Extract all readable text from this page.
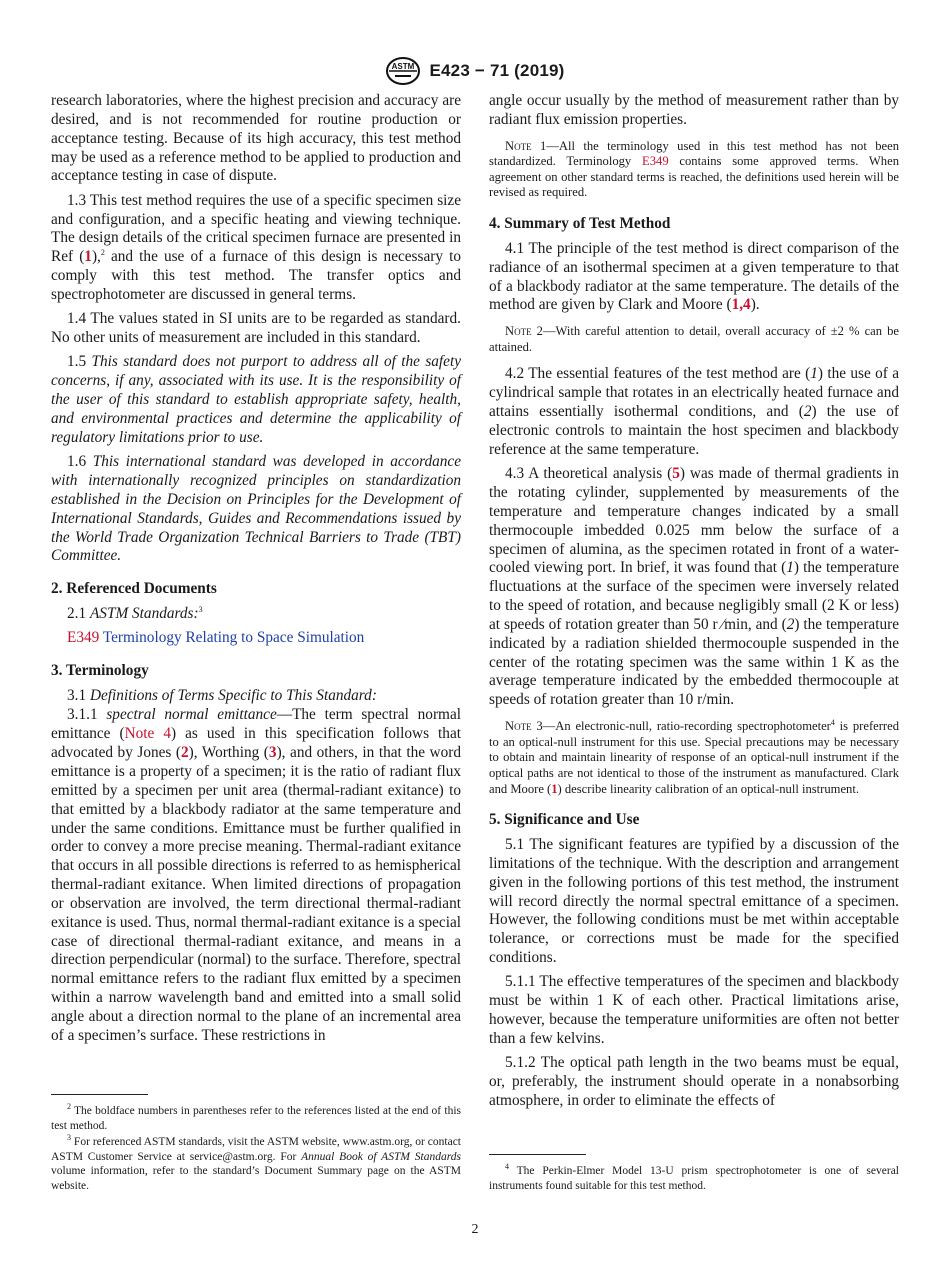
ASTM E423 − 71 (2019)

research laboratories, where the highest precision and accuracy are desired, and is not recommended for routine production or acceptance testing. Because of its high accuracy, this test method may be used as a reference method to be applied to production and acceptance testing in case of dispute.

1.3 This test method requires the use of a specific specimen size and configuration, and a specific heating and viewing technique. The design details of the critical specimen furnace are presented in Ref (1),$^2$ and the use of a furnace of this design is necessary to comply with this test method. The transfer optics and spectrophotometer are discussed in general terms.

1.4 The values stated in SI units are to be regarded as standard. No other units of measurement are included in this standard.

1.5 This standard does not purport to address all of the safety concerns, if any, associated with its use. It is the responsibility of the user of this standard to establish appropriate safety, health, and environmental practices and determine the applicability of regulatory limitations prior to use.

1.6 This international standard was developed in accordance with internationally recognized principles on standardization established in the Decision on Principles for the Development of International Standards, Guides and Recommendations issued by the World Trade Organization Technical Barriers to Trade (TBT) Committee.

2. Referenced Documents

2.1 ASTM Standards:$^3$

E349 Terminology Relating to Space Simulation

3. Terminology

3.1 Definitions of Terms Specific to This Standard:

3.1.1 spectral normal emittance—The term spectral normal emittance (Note 4) as used in this specification follows that advocated by Jones (2), Worthing (3), and others, in that the word emittance is a property of a specimen; it is the ratio of radiant flux emitted by a specimen per unit area (thermal-radiant exitance) to that emitted by a blackbody radiator at the same temperature and under the same conditions. Emittance must be further qualified in order to convey a more precise meaning. Thermal-radiant exitance that occurs in all possible directions is referred to as hemispherical thermal-radiant exitance. When limited directions of propagation or observation are involved, the term directional thermal-radiant exitance is used. Thus, normal thermal-radiant exitance is a special case of directional thermal-radiant exitance, and means in a direction perpendicular (normal) to the surface. Therefore, spectral normal emittance refers to the radiant flux emitted by a specimen within a narrow wavelength band and emitted into a small solid angle about a direction normal to the plane of an incremental area of a specimen’s surface. These restrictions in

$^2$ The boldface numbers in parentheses refer to the references listed at the end of this test method.

$^3$ For referenced ASTM standards, visit the ASTM website, www.astm.org, or contact ASTM Customer Service at service@astm.org. For Annual Book of ASTM Standards volume information, refer to the standard’s Document Summary page on the ASTM website.

angle occur usually by the method of measurement rather than by radiant flux emission properties.

Note 1—All the terminology used in this test method has not been standardized. Terminology E349 contains some approved terms. When agreement on other standard terms is reached, the definitions used herein will be revised as required.

4. Summary of Test Method

4.1 The principle of the test method is direct comparison of the radiance of an isothermal specimen at a given temperature to that of a blackbody radiator at the same temperature. The details of the method are given by Clark and Moore (1,4).

Note 2—With careful attention to detail, overall accuracy of ±2 % can be attained.

4.2 The essential features of the test method are (1) the use of a cylindrical sample that rotates in an electrically heated furnace and attains essentially isothermal conditions, and (2) the use of electronic controls to maintain the host specimen and blackbody reference at the same temperature.

4.3 A theoretical analysis (5) was made of thermal gradients in the rotating cylinder, supplemented by measurements of the temperature and temperature changes indicated by a small thermocouple imbedded 0.025 mm below the surface of a specimen of alumina, as the specimen rotated in front of a water-cooled viewing port. In brief, it was found that (1) the temperature fluctuations at the surface of the specimen were inversely related to the speed of rotation, and because negligibly small (2 K or less) at speeds of rotation greater than 50 r ⁄min, and (2) the temperature indicated by a radiation shielded thermocouple suspended in the center of the rotating specimen was the same within 1 K as the average temperature indicated by the embedded thermocouple at speeds of rotation greater than 10 r/min.

Note 3—An electronic-null, ratio-recording spectrophotometer$^4$ is preferred to an optical-null instrument for this use. Special precautions may be necessary to obtain and maintain linearity of response of an optical-null instrument if the optical paths are not identical to those of the instrument as manufactured. Clark and Moore (1) describe linearity calibration of an optical-null instrument.

5. Significance and Use

5.1 The significant features are typified by a discussion of the limitations of the technique. With the description and arrangement given in the following portions of this test method, the instrument will record directly the normal spectral emittance of a specimen. However, the following conditions must be met within acceptable tolerance, or corrections must be made for the specified conditions.

5.1.1 The effective temperatures of the specimen and blackbody must be within 1 K of each other. Practical limitations arise, however, because the temperature uniformities are often not better than a few kelvins.

5.1.2 The optical path length in the two beams must be equal, or, preferably, the instrument should operate in a nonabsorbing atmosphere, in order to eliminate the effects of

$^4$ The Perkin-Elmer Model 13-U prism spectrophotometer is one of several instruments found suitable for this test method.

2
